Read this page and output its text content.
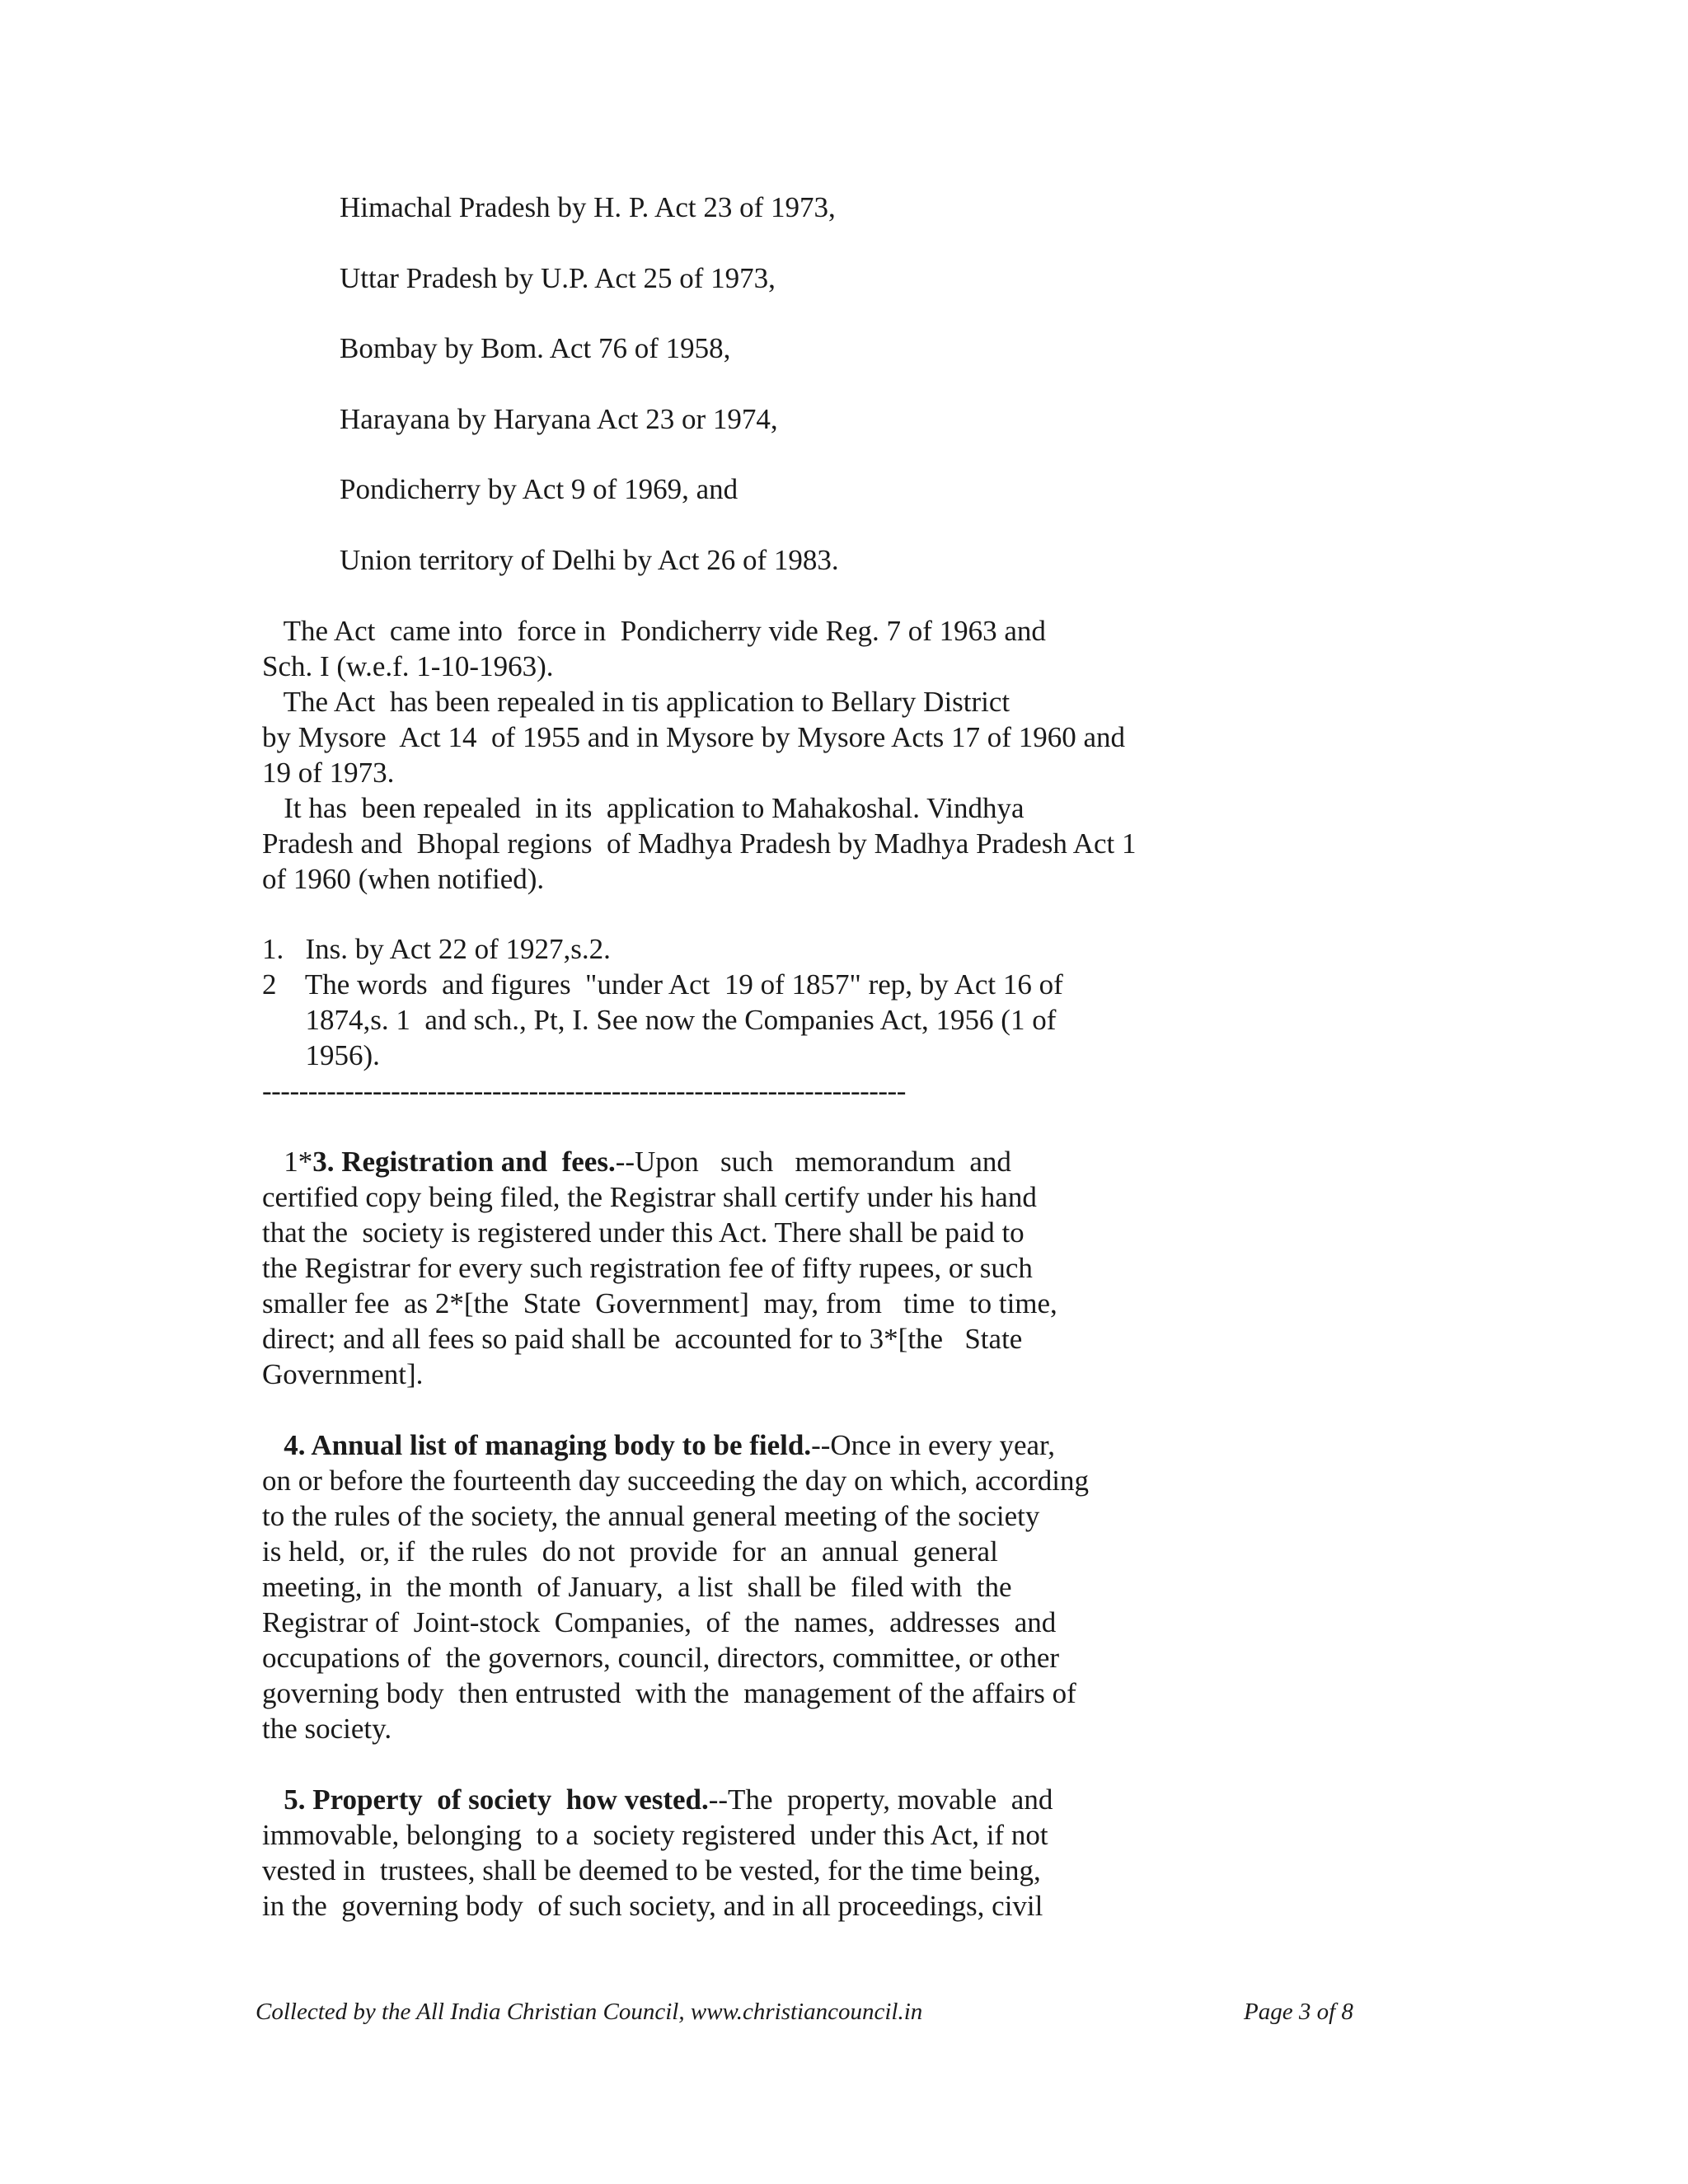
Himachal Pradesh by H. P. Act 23 of 1973,
Uttar Pradesh by U.P. Act 25 of 1973,
Bombay by Bom. Act 76 of 1958,
Harayana by Haryana Act 23 or 1974,
Pondicherry by Act 9 of 1969, and
Union territory of Delhi by Act 26 of 1983.
The Act  came into  force in  Pondicherry vide Reg. 7 of 1963 and
Sch. I (w.e.f. 1-10-1963).
The Act  has been repealed in tis application to Bellary District
by Mysore  Act 14  of 1955 and in Mysore by Mysore Acts 17 of 1960 and
19 of 1973.
It has  been repealed  in its  application to Mahakoshal. Vindhya
Pradesh and  Bhopal regions  of Madhya Pradesh by Madhya Pradesh Act 1
of 1960 (when notified).
1.   Ins. by Act 22 of 1927,s.2.
2    The words  and figures  "under Act  19 of 1857" rep, by Act 16 of
1874,s. 1  and sch., Pt, I. See now the Companies Act, 1956 (1 of
1956).
----------------------------------------------------------------------
1*3. Registration and  fees.--Upon   such   memorandum  and
certified copy being filed, the Registrar shall certify under his hand
that the  society is registered under this Act. There shall be paid to
the Registrar for every such registration fee of fifty rupees, or such
smaller fee  as 2*[the  State  Government]  may, from   time  to time,
direct; and all fees so paid shall be  accounted for to 3*[the   State
Government].
4. Annual list of managing body to be field.--Once in every year,
on or before the fourteenth day succeeding the day on which, according
to the rules of the society, the annual general meeting of the society
is held,  or, if  the rules  do not  provide  for  an  annual  general
meeting, in  the month  of January,  a list  shall be  filed with  the
Registrar of  Joint-stock  Companies,  of  the  names,  addresses  and
occupations of  the governors, council, directors, committee, or other
governing body  then entrusted  with the  management of the affairs of
the society.
5. Property  of society  how vested.--The  property, movable  and
immovable, belonging  to a  society registered  under this Act, if not
vested in  trustees, shall be deemed to be vested, for the time being,
in the  governing body  of such society, and in all proceedings, civil
Collected by the All India Christian Council, www.christiancouncil.in	Page 3 of 8
